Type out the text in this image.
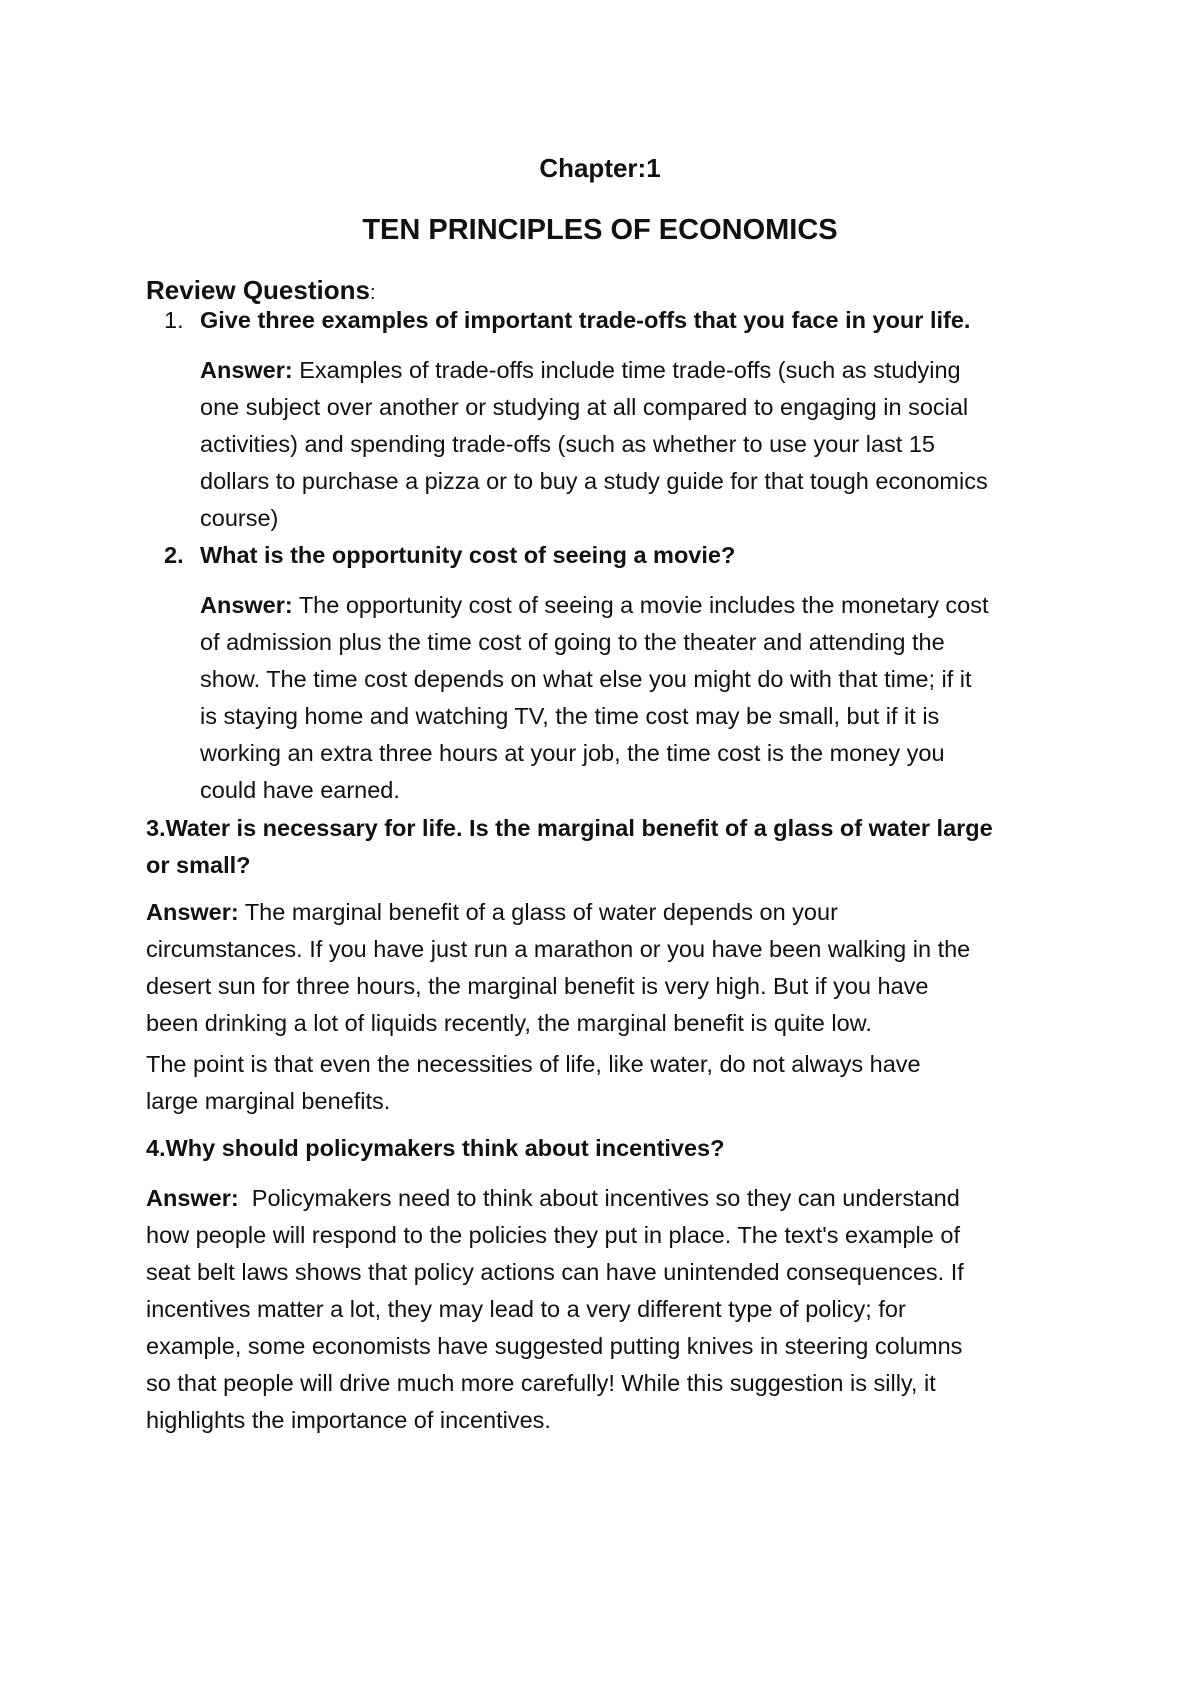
Chapter:1
TEN PRINCIPLES OF ECONOMICS
Review Questions:
1. Give three examples of important trade-offs that you face in your life.
Answer: Examples of trade-offs include time trade-offs (such as studying
one subject over another or studying at all compared to engaging in social
activities) and spending trade-offs (such as whether to use your last 15
dollars to purchase a pizza or to buy a study guide for that tough economics
course)
2. What is the opportunity cost of seeing a movie?
Answer: The opportunity cost of seeing a movie includes the monetary cost
of admission plus the time cost of going to the theater and attending the
show. The time cost depends on what else you might do with that time; if it
is staying home and watching TV, the time cost may be small, but if it is
working an extra three hours at your job, the time cost is the money you
could have earned.
3.Water is necessary for life. Is the marginal benefit of a glass of water large
or small?
Answer: The marginal benefit of a glass of water depends on your
circumstances. If you have just run a marathon or you have been walking in the
desert sun for three hours, the marginal benefit is very high. But if you have
been drinking a lot of liquids recently, the marginal benefit is quite low.
The point is that even the necessities of life, like water, do not always have
large marginal benefits.
4.Why should policymakers think about incentives?
Answer:  Policymakers need to think about incentives so they can understand
how people will respond to the policies they put in place. The text's example of
seat belt laws shows that policy actions can have unintended consequences. If
incentives matter a lot, they may lead to a very different type of policy; for
example, some economists have suggested putting knives in steering columns
so that people will drive much more carefully! While this suggestion is silly, it
highlights the importance of incentives.
